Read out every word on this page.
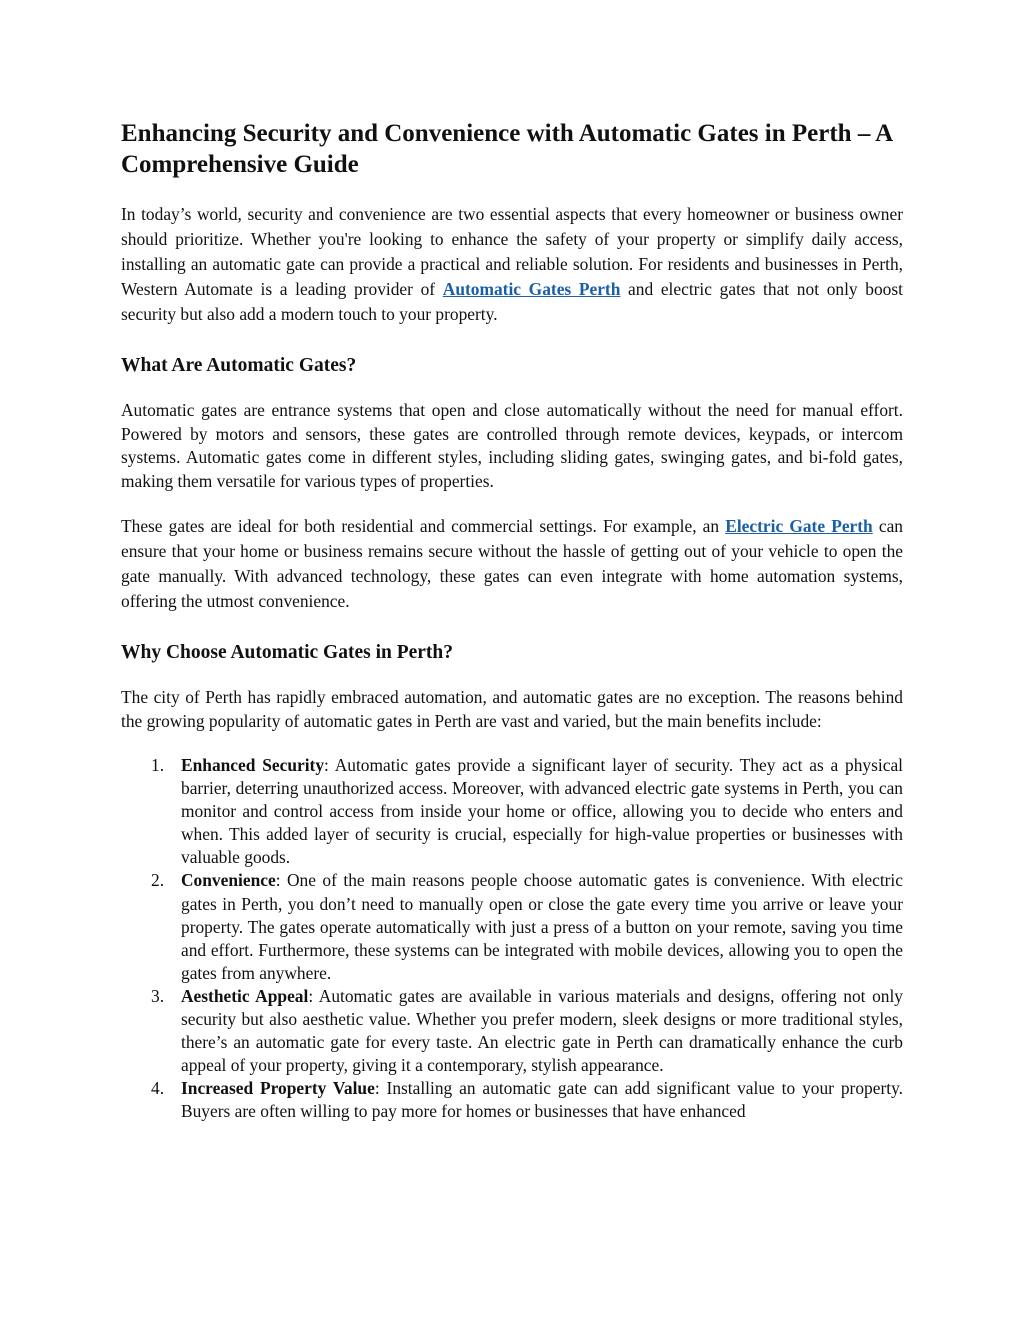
Enhancing Security and Convenience with Automatic Gates in Perth – A Comprehensive Guide

In today’s world, security and convenience are two essential aspects that every homeowner or business owner should prioritize. Whether you're looking to enhance the safety of your property or simplify daily access, installing an automatic gate can provide a practical and reliable solution. For residents and businesses in Perth, Western Automate is a leading provider of Automatic Gates Perth and electric gates that not only boost security but also add a modern touch to your property.

What Are Automatic Gates?

Automatic gates are entrance systems that open and close automatically without the need for manual effort. Powered by motors and sensors, these gates are controlled through remote devices, keypads, or intercom systems. Automatic gates come in different styles, including sliding gates, swinging gates, and bi-fold gates, making them versatile for various types of properties.

These gates are ideal for both residential and commercial settings. For example, an Electric Gate Perth can ensure that your home or business remains secure without the hassle of getting out of your vehicle to open the gate manually. With advanced technology, these gates can even integrate with home automation systems, offering the utmost convenience.

Why Choose Automatic Gates in Perth?

The city of Perth has rapidly embraced automation, and automatic gates are no exception. The reasons behind the growing popularity of automatic gates in Perth are vast and varied, but the main benefits include:

1. Enhanced Security: Automatic gates provide a significant layer of security. They act as a physical barrier, deterring unauthorized access. Moreover, with advanced electric gate systems in Perth, you can monitor and control access from inside your home or office, allowing you to decide who enters and when. This added layer of security is crucial, especially for high-value properties or businesses with valuable goods.
2. Convenience: One of the main reasons people choose automatic gates is convenience. With electric gates in Perth, you don’t need to manually open or close the gate every time you arrive or leave your property. The gates operate automatically with just a press of a button on your remote, saving you time and effort. Furthermore, these systems can be integrated with mobile devices, allowing you to open the gates from anywhere.
3. Aesthetic Appeal: Automatic gates are available in various materials and designs, offering not only security but also aesthetic value. Whether you prefer modern, sleek designs or more traditional styles, there’s an automatic gate for every taste. An electric gate in Perth can dramatically enhance the curb appeal of your property, giving it a contemporary, stylish appearance.
4. Increased Property Value: Installing an automatic gate can add significant value to your property. Buyers are often willing to pay more for homes or businesses that have enhanced
